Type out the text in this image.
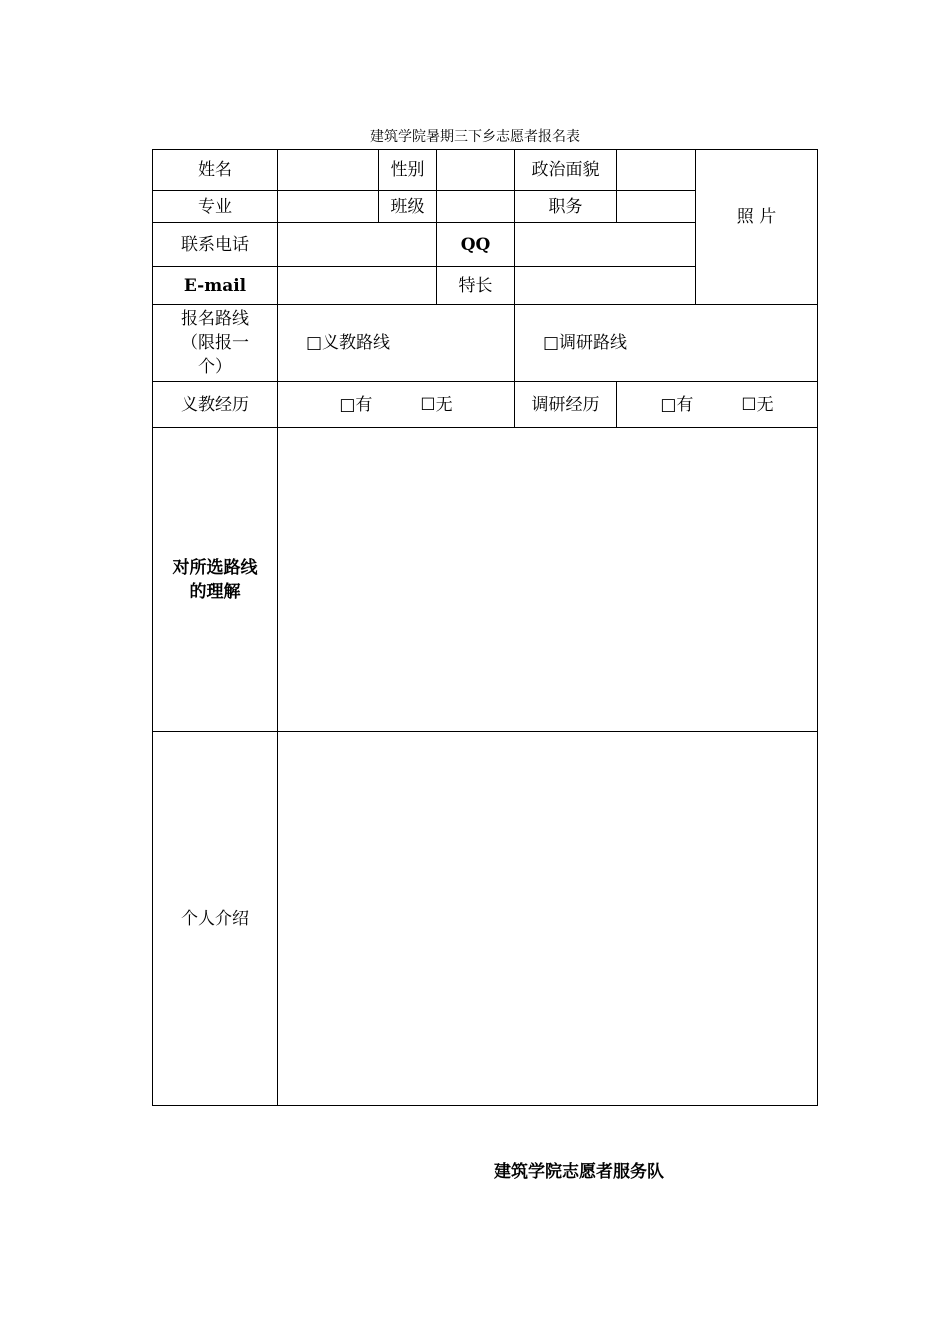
建筑学院暑期三下乡志愿者报名表
姓名		性别		政治面貌		照 片
专业		班级		职务		
联系电话			QQ			
E-mail			特长			

报名路线（限报一个）	□义教路线			□调研路线		
义教经历	□有 ☐无			调研经历	□有 ☐无	

对所选路线的理解						

个人介绍						
建筑学院志愿者服务队
